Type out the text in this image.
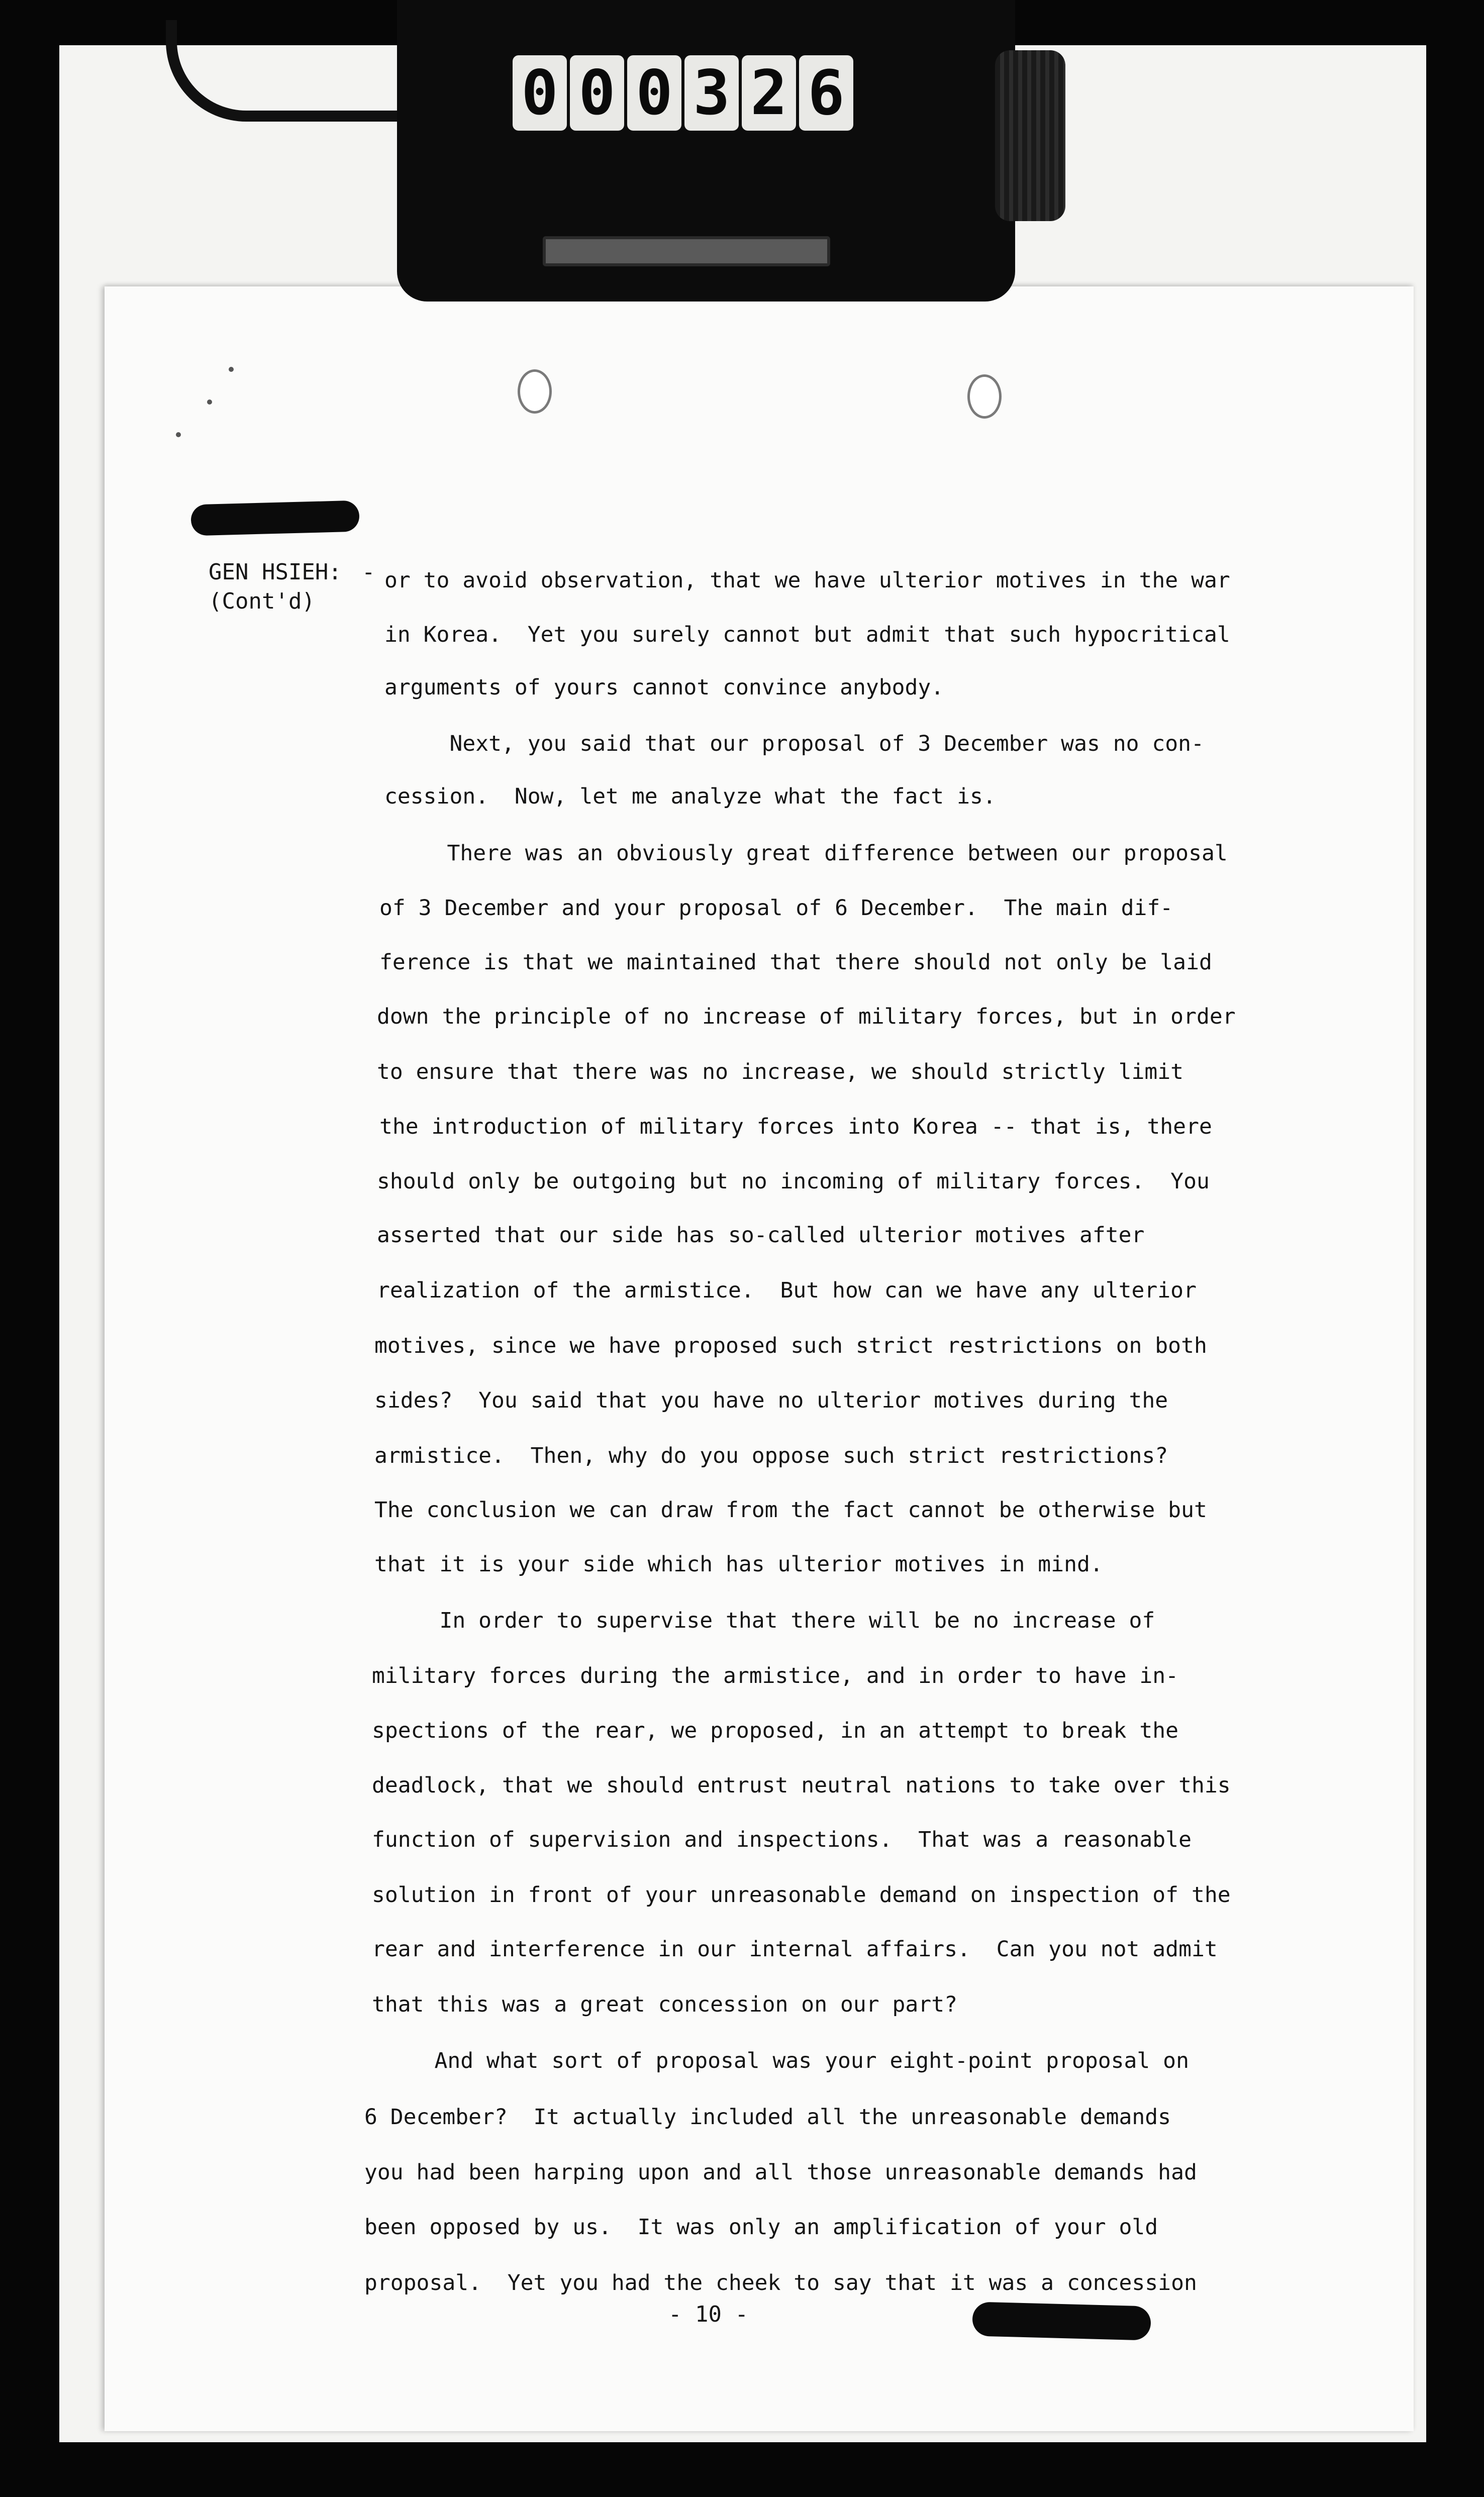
0 0 0 3 2 6
GEN HSIEH:
(Cont'd)
- or to avoid observation, that we have ulterior motives in the war
in Korea.  Yet you surely cannot but admit that such hypocritical
arguments of yours cannot convince anybody.
Next, you said that our proposal of 3 December was no con-
cession.  Now, let me analyze what the fact is.
There was an obviously great difference between our proposal
of 3 December and your proposal of 6 December.  The main dif-
ference is that we maintained that there should not only be laid
down the principle of no increase of military forces, but in order
to ensure that there was no increase, we should strictly limit
the introduction of military forces into Korea -- that is, there
should only be outgoing but no incoming of military forces.  You
asserted that our side has so-called ulterior motives after
realization of the armistice.  But how can we have any ulterior
motives, since we have proposed such strict restrictions on both
sides?  You said that you have no ulterior motives during the
armistice.  Then, why do you oppose such strict restrictions?
The conclusion we can draw from the fact cannot be otherwise but
that it is your side which has ulterior motives in mind.
In order to supervise that there will be no increase of
military forces during the armistice, and in order to have in-
spections of the rear, we proposed, in an attempt to break the
deadlock, that we should entrust neutral nations to take over this
function of supervision and inspections.  That was a reasonable
solution in front of your unreasonable demand on inspection of the
rear and interference in our internal affairs.  Can you not admit
that this was a great concession on our part?
And what sort of proposal was your eight-point proposal on
6 December?  It actually included all the unreasonable demands
you had been harping upon and all those unreasonable demands had
been opposed by us.  It was only an amplification of your old
proposal.  Yet you had the cheek to say that it was a concession
- 10 -
